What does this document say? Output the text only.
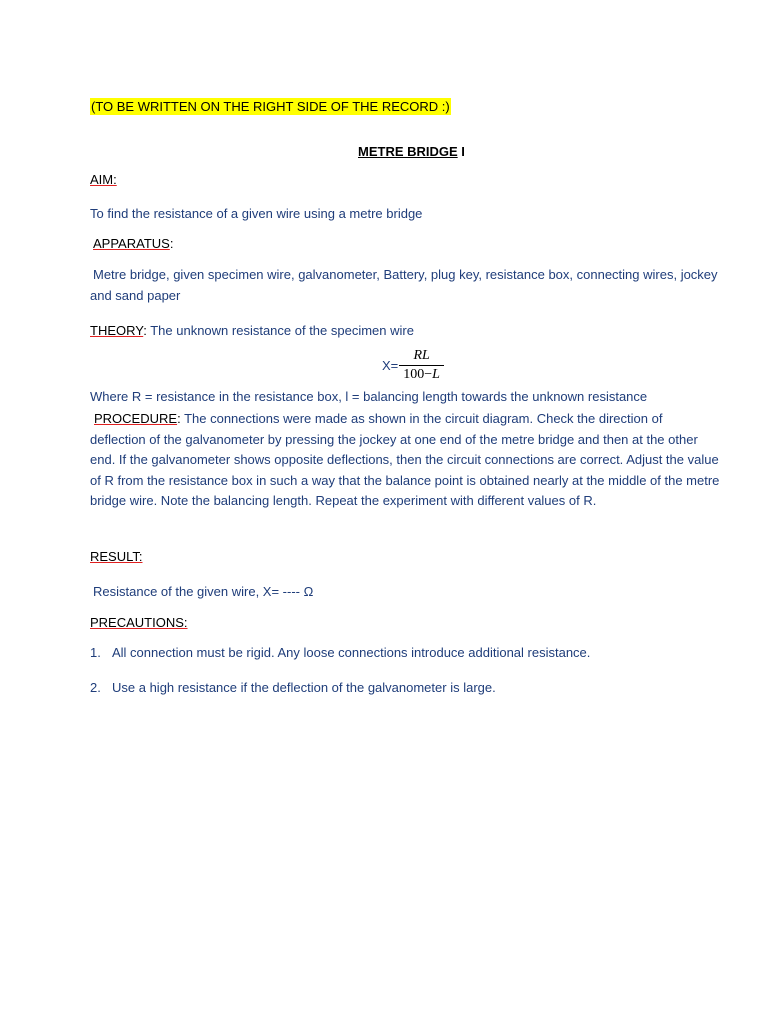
(TO BE WRITTEN ON THE RIGHT SIDE OF THE RECORD :)
METRE BRIDGE I
AIM:
To find the resistance of a given wire using a metre bridge
APPARATUS:
Metre bridge, given specimen wire, galvanometer, Battery, plug key, resistance box, connecting wires, jockey and sand paper
THEORY: The unknown resistance of the specimen wire
$X= \frac{RL}{100-L}$
Where R = resistance in the resistance box, l = balancing length towards the unknown resistance
PROCEDURE: The connections were made as shown in the circuit diagram. Check the direction of deflection of the galvanometer by pressing the jockey at one end of the metre bridge and then at the other end. If the galvanometer shows opposite deflections, then the circuit connections are correct. Adjust the value of R from the resistance box in such a way that the balance point is obtained nearly at the middle of the metre bridge wire. Note the balancing length. Repeat the experiment with different values of R.
RESULT:
Resistance of the given wire, X= ---- Ω
PRECAUTIONS:
1. All connection must be rigid. Any loose connections introduce additional resistance.
2. Use a high resistance if the deflection of the galvanometer is large.
